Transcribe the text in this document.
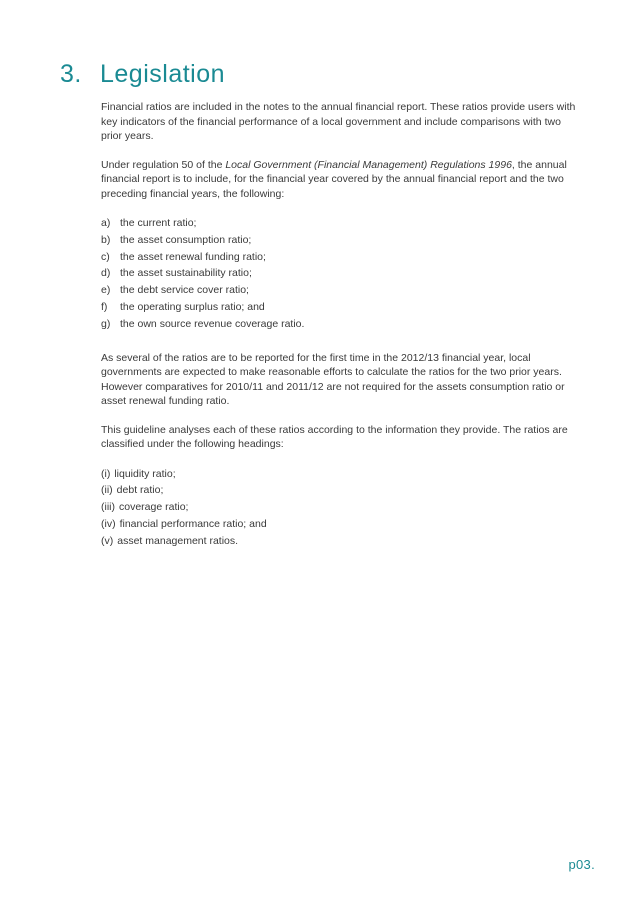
3. Legislation

Financial ratios are included in the notes to the annual financial report. These ratios provide users with key indicators of the financial performance of a local government and include comparisons with two prior years.

Under regulation 50 of the Local Government (Financial Management) Regulations 1996, the annual financial report is to include, for the financial year covered by the annual financial report and the two preceding financial years, the following:

a) the current ratio;
b) the asset consumption ratio;
c) the asset renewal funding ratio;
d) the asset sustainability ratio;
e) the debt service cover ratio;
f)	the operating surplus ratio; and
g) the own source revenue coverage ratio.

As several of the ratios are to be reported for the first time in the 2012/13 financial year, local governments are expected to make reasonable efforts to calculate the ratios for the two prior years. However comparatives for 2010/11 and 2011/12 are not required for the assets consumption ratio or asset renewal funding ratio.

This guideline analyses each of these ratios according to the information they provide. The ratios are classified under the following headings:

(i) liquidity ratio;
(ii) debt ratio;
(iii) coverage ratio;
(iv) financial performance ratio; and
(v) asset management ratios.
p03.
